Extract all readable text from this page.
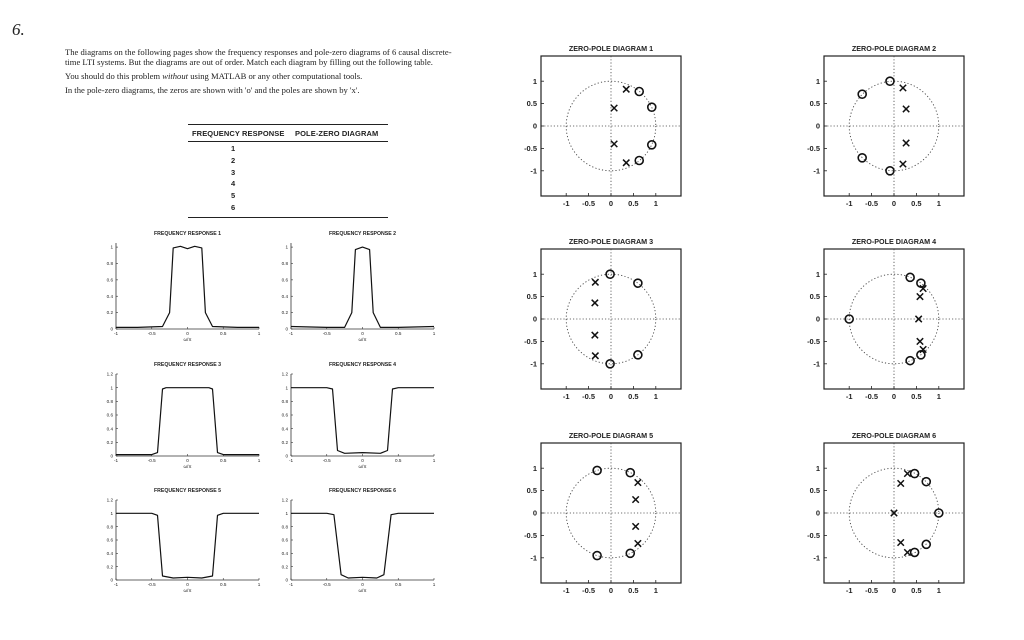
6.
The diagrams on the following pages show the frequency responses and pole-zero diagrams of 6 causal discrete-
time LTI systems. But the diagrams are out of order. Match each diagram by filling out the following table.
You should do this problem without using MATLAB or any other computational tools.
In the pole-zero diagrams, the zeros are shown with 'o' and the poles are shown by 'x'.
FREQUENCY RESPONSE	POLE-ZERO DIAGRAM
1
2
3
4
5
6
FREQUENCY RESPONSE 1
-1	-0.5	0	0.5	1
ω/π
0
0.2
0.4
0.6
0.8
1
FREQUENCY RESPONSE 2
-1	-0.5	0	0.5	1
ω/π
0
0.2
0.4
0.6
0.8
1
FREQUENCY RESPONSE 3
-1	-0.5	0	0.5	1
ω/π
0
0.2
0.4
0.6
0.8
1
1.2
FREQUENCY RESPONSE 4
-1	-0.5	0	0.5	1
ω/π
0
0.2
0.4
0.6
0.8
1
1.2
FREQUENCY RESPONSE 5
-1	-0.5	0	0.5	1
ω/π
0
0.2
0.4
0.6
0.8
1
1.2
FREQUENCY RESPONSE 6
-1	-0.5	0	0.5	1
ω/π
0
0.2
0.4
0.6
0.8
1
1.2
ZERO-POLE DIAGRAM 1
-1 -0.5 0 0.5 1
1
0.5
0
-0.5
-1
ZERO-POLE DIAGRAM 2
-1 -0.5 0 0.5 1
1
0.5
0
-0.5
-1
ZERO-POLE DIAGRAM 3
-1 -0.5 0 0.5 1
1
0.5
0
-0.5
-1
ZERO-POLE DIAGRAM 4
-1 -0.5 0 0.5 1
1
0.5
0
-0.5
-1
ZERO-POLE DIAGRAM 5
-1 -0.5 0 0.5 1
1
0.5
0
-0.5
-1
ZERO-POLE DIAGRAM 6
-1 -0.5 0 0.5 1
1
0.5
0
-0.5
-1
